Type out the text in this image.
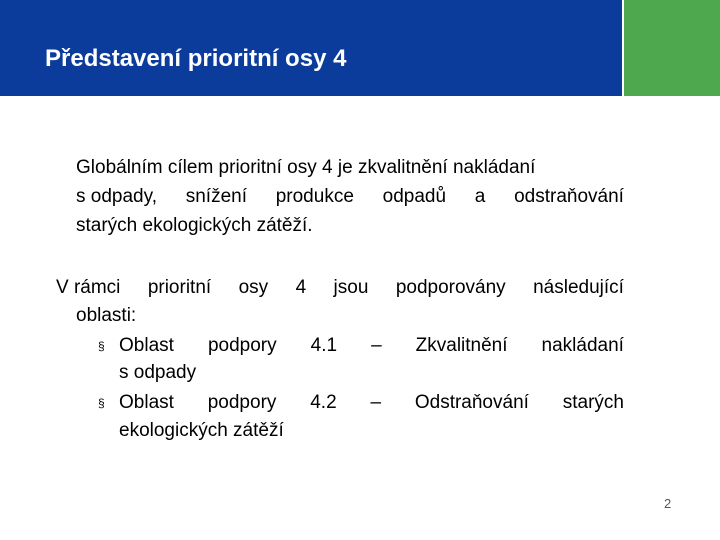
Představení prioritní osy 4

Globálním cílem prioritní osy 4 je zkvalitnění nakládaní

s odpady, snížení produkce odpadů a odstraňování

starých ekologických zátěží.

V rámci prioritní osy 4 jsou podporovány následující

oblasti:

§ Oblast podpory 4.1 – Zkvalitnění nakládaní

s odpady

§ Oblast podpory 4.2 – Odstraňování starých

ekologických zátěží

2
